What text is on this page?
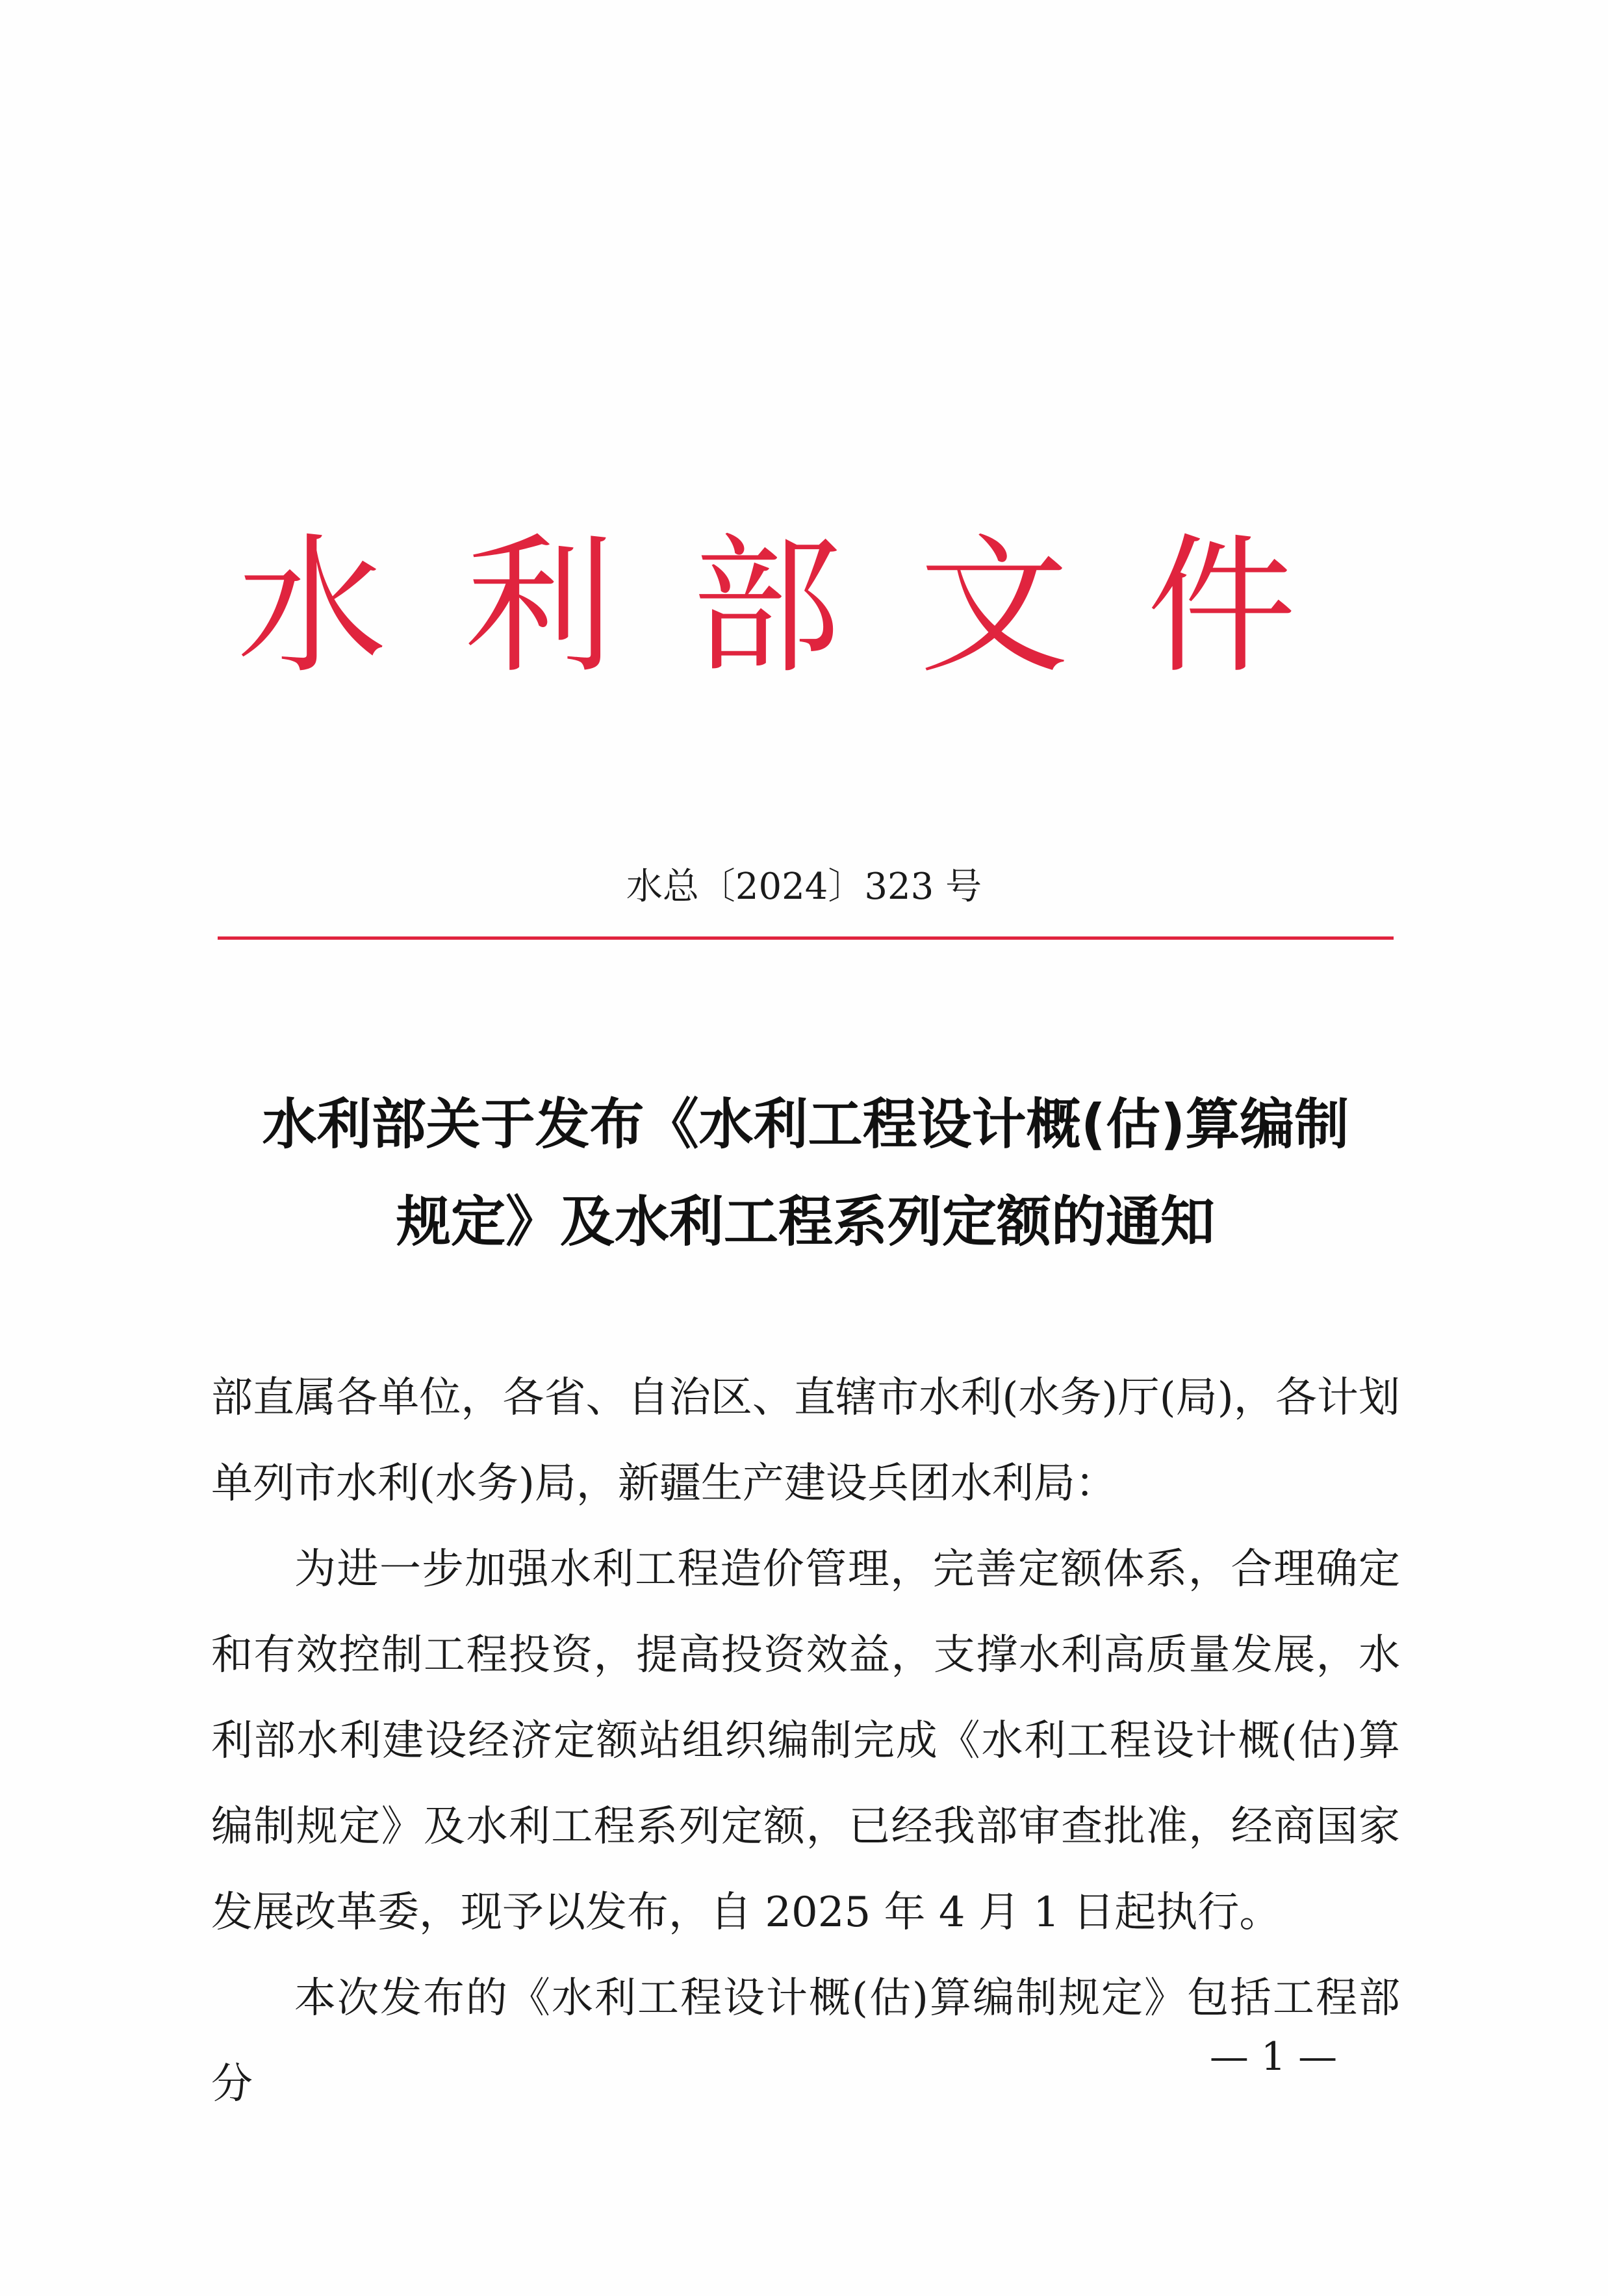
水利部文件
水总〔2024〕323 号
水利部关于发布《水利工程设计概(估)算编制
规定》及水利工程系列定额的通知

部直属各单位，各省、自治区、直辖市水利(水务)厅(局)，各计划单列市水利(水务)局，新疆生产建设兵团水利局：

为进一步加强水利工程造价管理，完善定额体系，合理确定和有效控制工程投资，提高投资效益，支撑水利高质量发展，水利部水利建设经济定额站组织编制完成《水利工程设计概(估)算编制规定》及水利工程系列定额，已经我部审查批准，经商国家发展改革委，现予以发布，自 2025 年 4 月 1 日起执行。

本次发布的《水利工程设计概(估)算编制规定》包括工程部分

— 1 —
